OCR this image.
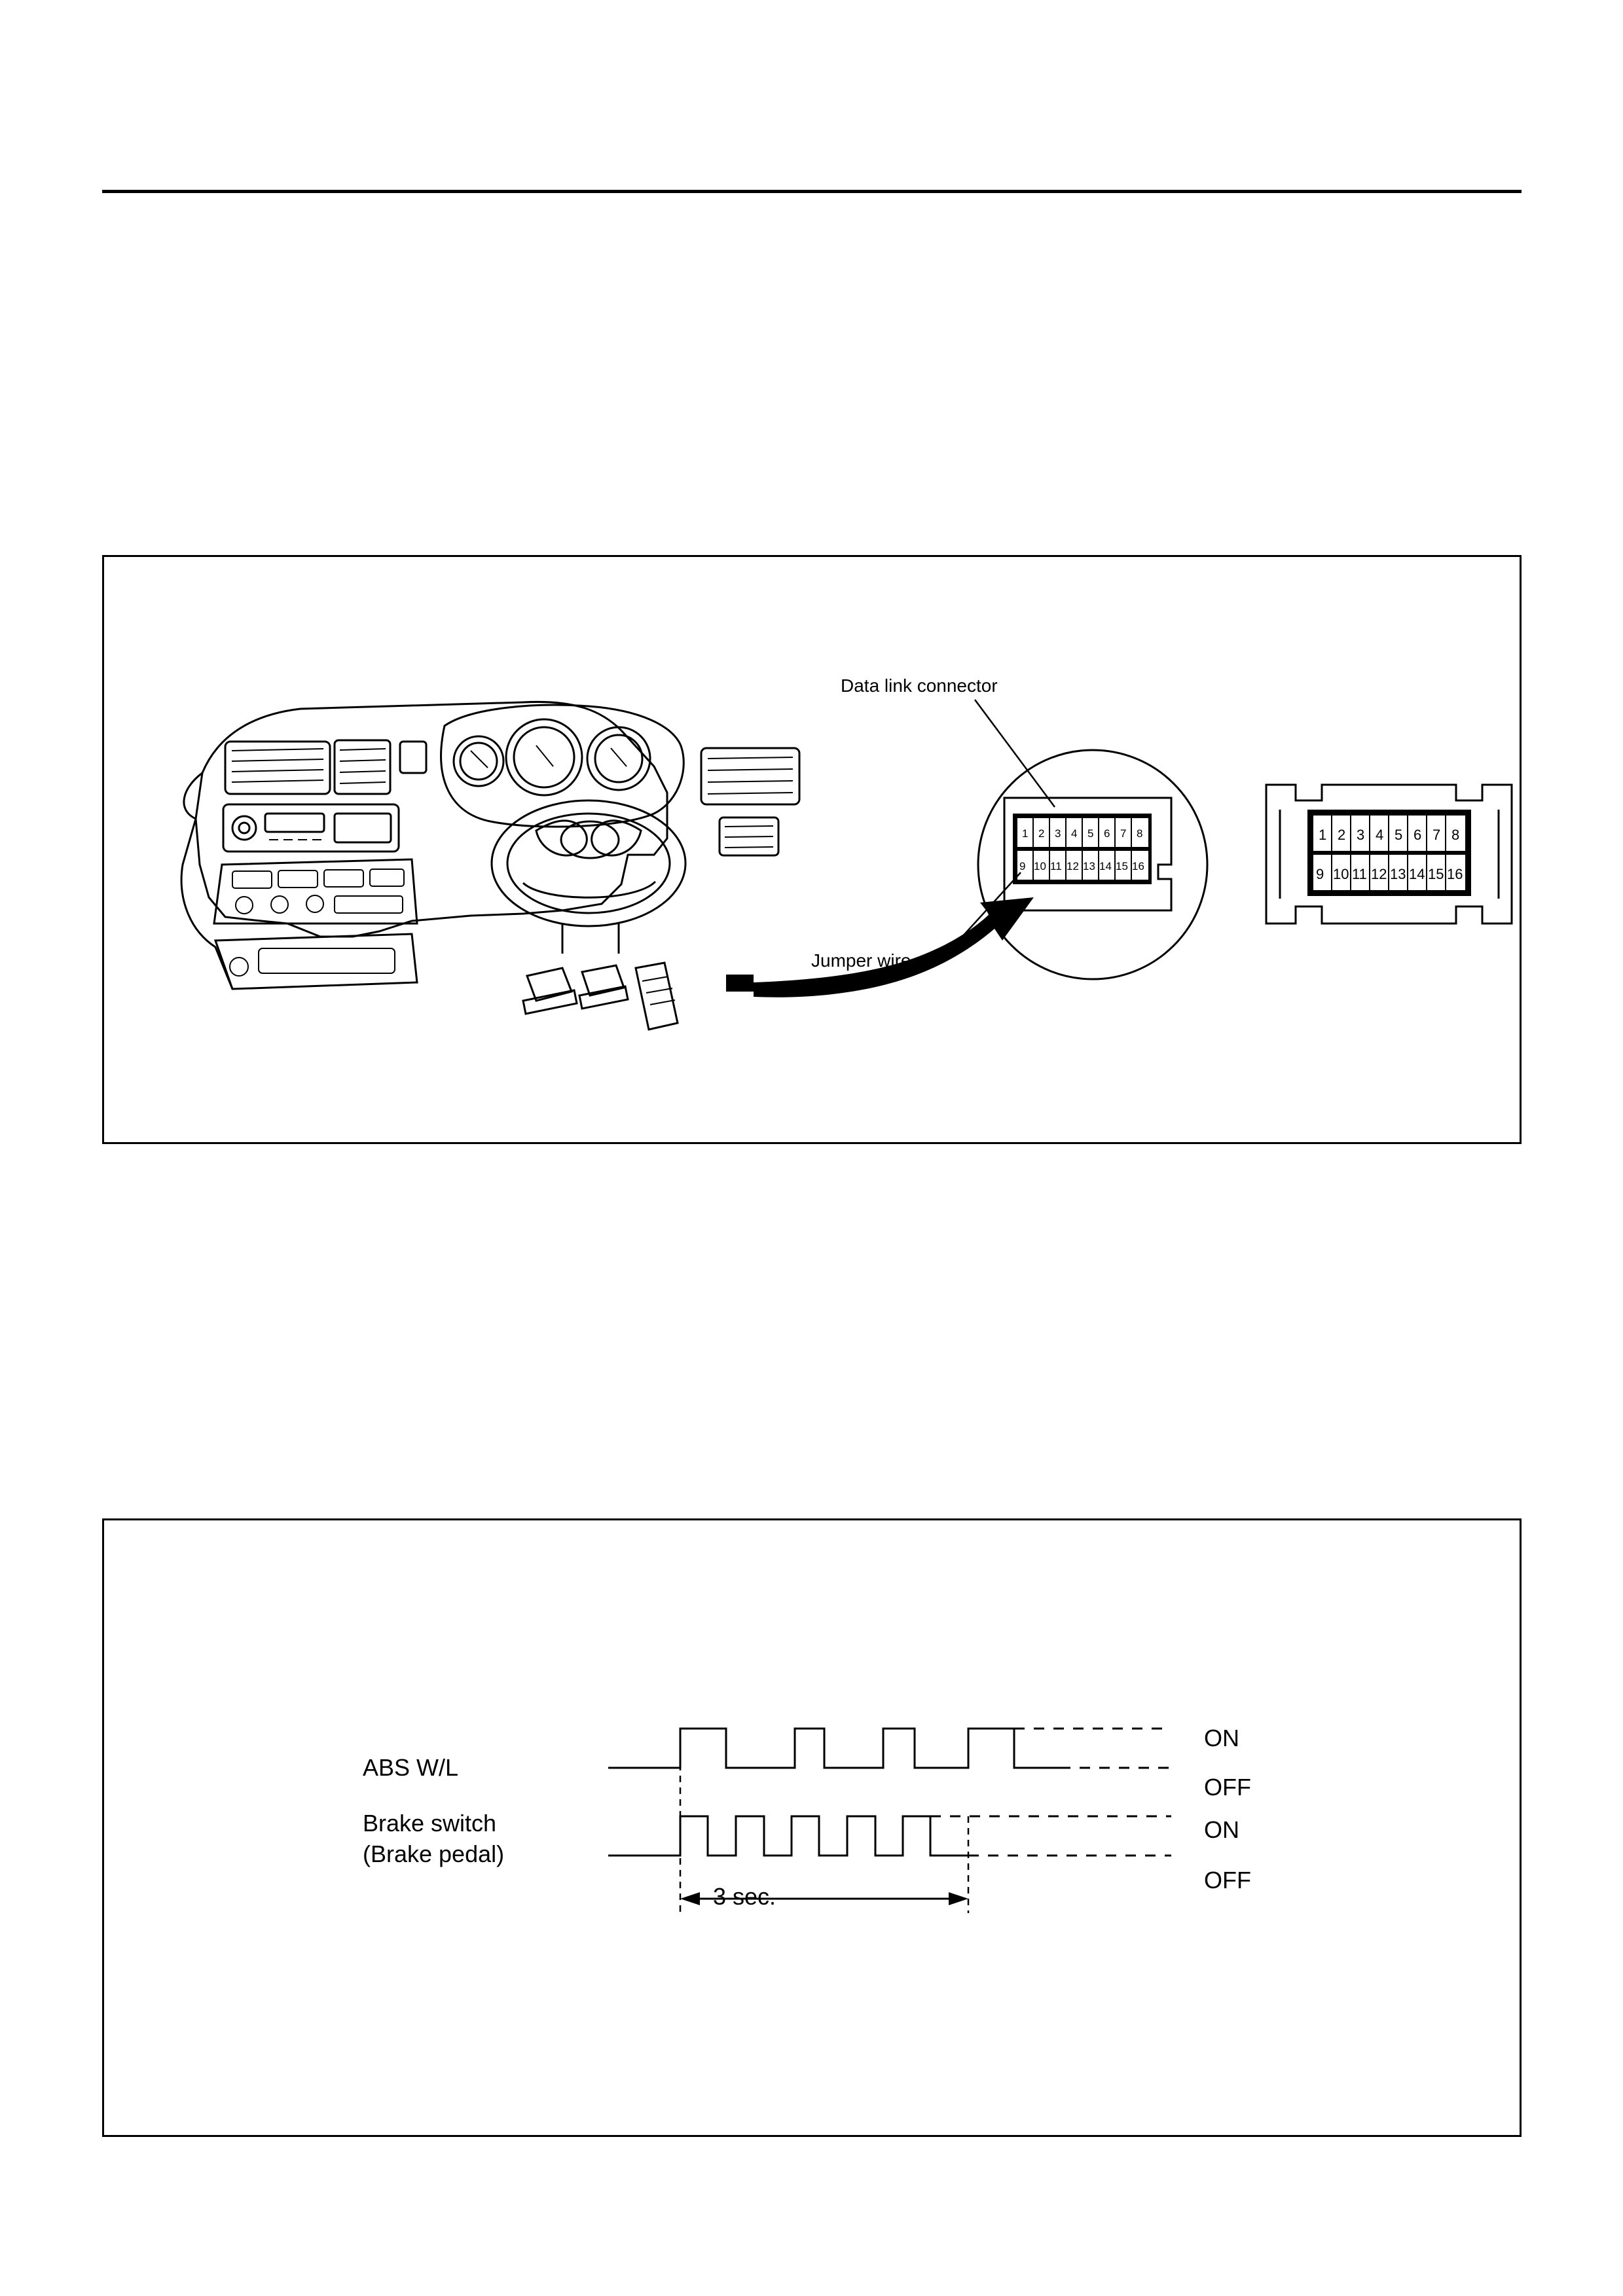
1 2 3 4 5 6 7 8
9 10 11 12 13 14 15 16
1 2 3 4 5 6 7 8
9 10 11 12 13 14 15 16
Data link connector
Jumper wire
ABS W/L
Brake switch
(Brake pedal)
ON
OFF
ON
OFF
3 sec.
